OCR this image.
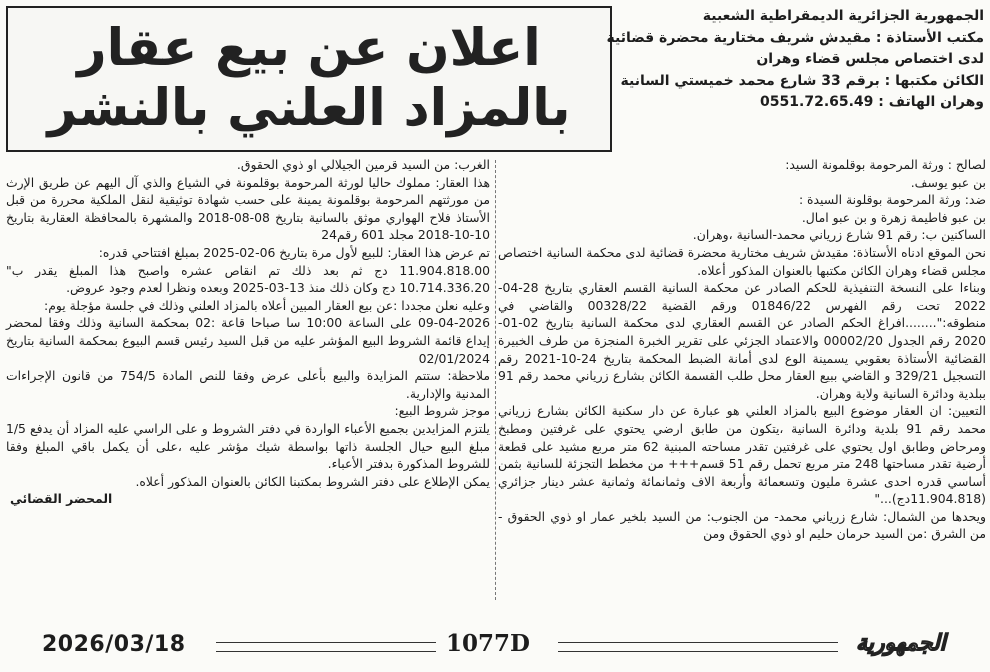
اعلان عن بيع عقار
بالمزاد العلني بالنشر
الجمهورية الجزائرية الديمقراطية الشعبية
مكتب الأستاذة : مقيدش شريف مختارية محضرة قضائية
لدى اختصاص مجلس قضاء وهران
الكائن مكتبها : برقم 33 شارع محمد خميستي السانية
وهران الهاتف : 0551.72.65.49

لصالح : ورثة المرحومة بوقلمونة السيد:

بن عبو يوسف.

ضد: ورثة المرحومة بوقلونة السيدة :

بن عبو فاطيمة زهرة و بن عبو امال.

الساكنين ب: رقم 91 شارع زرياني محمد-السانية ،وهران.

نحن الموقع ادناه الأستاذة: مقيدش شريف مختارية محضرة قضائية لدى محكمة السانية اختصاص مجلس قضاء وهران الكائن مكتبها بالعنوان المذكور أعلاه.

وبناءا على النسخة التنفيذية للحكم الصادر عن محكمة السانية القسم العقاري بتاريخ 28-04-2022 تحت رقم الفهرس 01846/22 ورقم القضية 00328/22 والقاضي في منطوقه:"........افراغ الحكم الصادر عن القسم العقاري لدى محكمة السانية بتاريخ 02-01-2020 رقم الجدول 00002/20 والاعتماد الجزئي على تقرير الخبرة المنجزة من طرف الخبيرة القضائية الأستاذة بعقوبي يسمينة الوع لدى أمانة الضبط المحكمة بتاريخ 24-10-2021 رقم التسجيل 329/21 و القاضي ببيع العقار محل طلب القسمة الكائن بشارع زرياني محمد رقم 91 ببلدية ودائرة السانية ولاية وهران.

التعيين: ان العقار موضوع البيع بالمزاد العلني هو عبارة عن دار سكنية الكائن بشارع زرياني محمد رقم 91 بلدية ودائرة السانية ،يتكون من طابق ارضي يحتوي على غرفتين ومطبخ ومرحاض وطابق اول يحتوي على غرفتين تقدر مساحته المبنية 62 متر مربع مشيد على قطعة أرضية تقدر مساحتها 248 متر مربع تحمل رقم 51 قسم+++ من مخطط التجزئة للسانية بثمن أساسي قدره احدى عشرة مليون وتسعمائة وأربعة الاف وثمانمائة وثمانية عشر دينار جزائري (11.904.818دج)..."

ويحدها من الشمال: شارع زرياني محمد- من الجنوب: من السيد بلخير عمار او ذوي الحقوق - من الشرق :من السيد حرمان حليم او ذوي الحقوق ومن

الغرب: من السيد قرمين الجيلالي او ذوي الحقوق.

هذا العقار: مملوك حاليا لورثة المرحومة بوقلمونة في الشياع والذي آل اليهم عن طريق الإرث من مورثتهم المرحومة بوقلمونة يمينة على حسب شهادة توثيقية لنقل الملكية محررة من قبل الأستاذ فلاح الهواري موثق بالسانية بتاريخ 08-08-2018 والمشهرة بالمحافظة العقارية بتاريخ 10-10-2018 مجلد 601 رقم24

تم عرض هذا العقار: للبيع لأول مرة بتاريخ 06-02-2025 بمبلغ افتتاحي قدره:

11.904.818.00 دج ثم بعد ذلك تم انقاص عشره واصبح هذا المبلغ يقدر ب" 10.714.336.20 دج وكان ذلك منذ 13-03-2025 وبعده ونظرا لعدم وجود عروض.

وعليه نعلن مجددا :عن بيع العقار المبين أعلاه بالمزاد العلني وذلك في جلسة مؤجلة يوم:

09-04-2026 على الساعة 10:00 سا صباحا قاعة :02 بمحكمة السانية وذلك وفقا لمحضر إيداع قائمة الشروط البيع المؤشر عليه من قبل السيد رئيس قسم البيوع بمحكمة السانية بتاريخ 02/01/2024

ملاحظة: ستتم المزايدة والبيع بأعلى عرض وفقا للنص المادة 754/5 من قانون الإجراءات المدنية والإدارية.

موجز شروط البيع:

يلتزم المزايدين بجميع الأعباء الواردة في دفتر الشروط و على الراسي عليه المزاد أن يدفع 1/5 مبلغ البيع حيال الجلسة ذاتها بواسطة شيك مؤشر عليه ،على أن يكمل باقي المبلغ وفقا للشروط المذكورة بدفتر الأعباء.

يمكن الإطلاع على دفتر الشروط بمكتبنا الكائن بالعنوان المذكور أعلاه.

المحضر القضائي

2026/03/18	1077D	الجمهورية
